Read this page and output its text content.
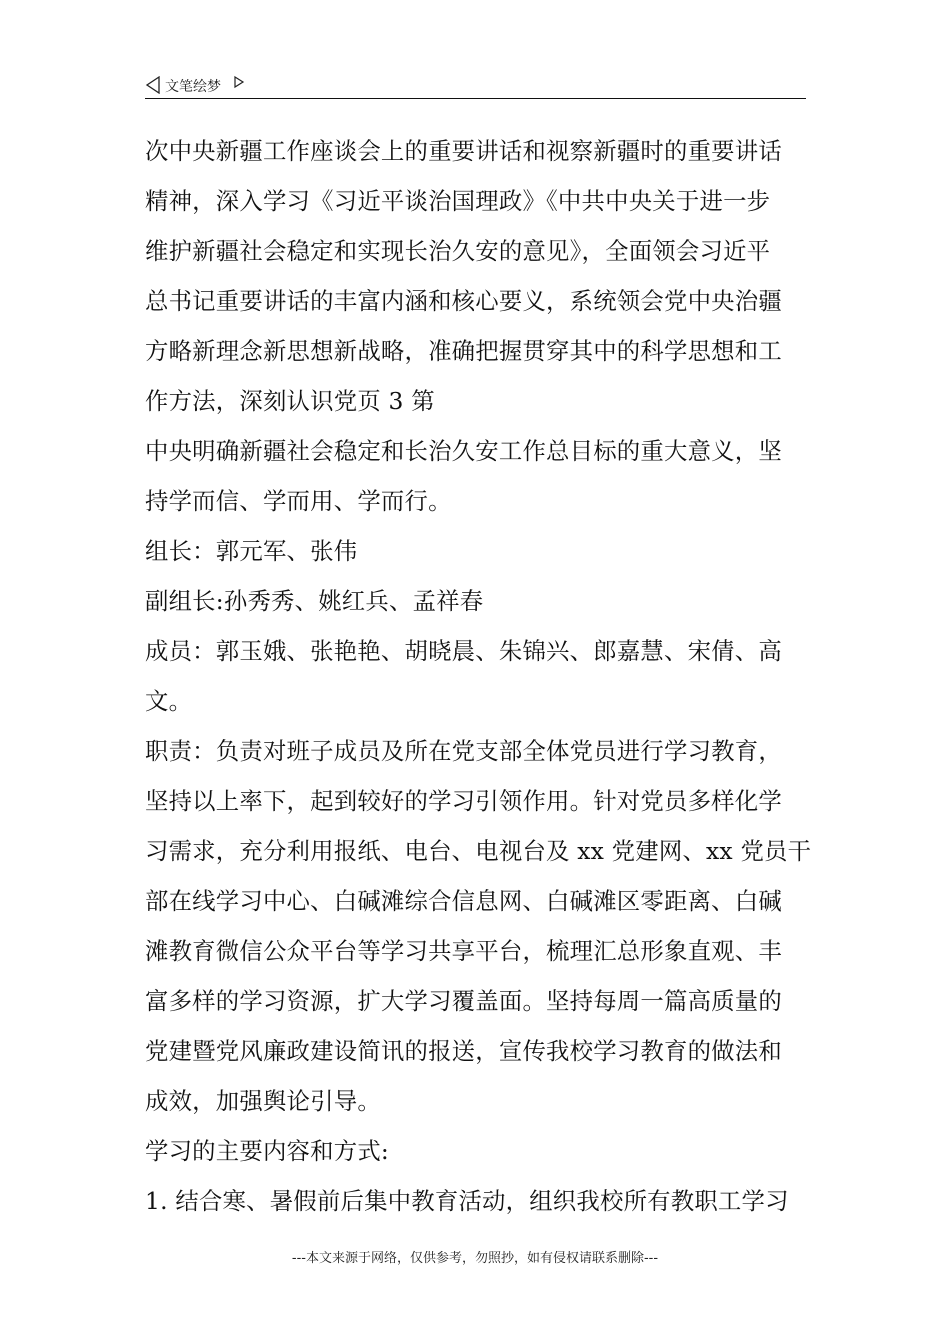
文笔绘梦
次中央新疆工作座谈会上的重要讲话和视察新疆时的重要讲话
精神，深入学习《习近平谈治国理政》《中共中央关于进一步
维护新疆社会稳定和实现长治久安的意见》，全面领会习近平
总书记重要讲话的丰富内涵和核心要义，系统领会党中央治疆
方略新理念新思想新战略，准确把握贯穿其中的科学思想和工
作方法，深刻认识党页 3 第
中央明确新疆社会稳定和长治久安工作总目标的重大意义，坚
持学而信、学而用、学而行。
组长：郭元军、张伟
副组长:孙秀秀、姚红兵、孟祥春
成员：郭玉娥、张艳艳、胡晓晨、朱锦兴、郎嘉慧、宋倩、高
文。
职责：负责对班子成员及所在党支部全体党员进行学习教育，
坚持以上率下，起到较好的学习引领作用。针对党员多样化学
习需求，充分利用报纸、电台、电视台及 xx 党建网、xx 党员干
部在线学习中心、白碱滩综合信息网、白碱滩区零距离、白碱
滩教育微信公众平台等学习共享平台，梳理汇总形象直观、丰
富多样的学习资源，扩大学习覆盖面。坚持每周一篇高质量的
党建暨党风廉政建设简讯的报送，宣传我校学习教育的做法和
成效，加强舆论引导。
学习的主要内容和方式:
1. 结合寒、暑假前后集中教育活动，组织我校所有教职工学习
---本文来源于网络，仅供参考，勿照抄，如有侵权请联系删除---
